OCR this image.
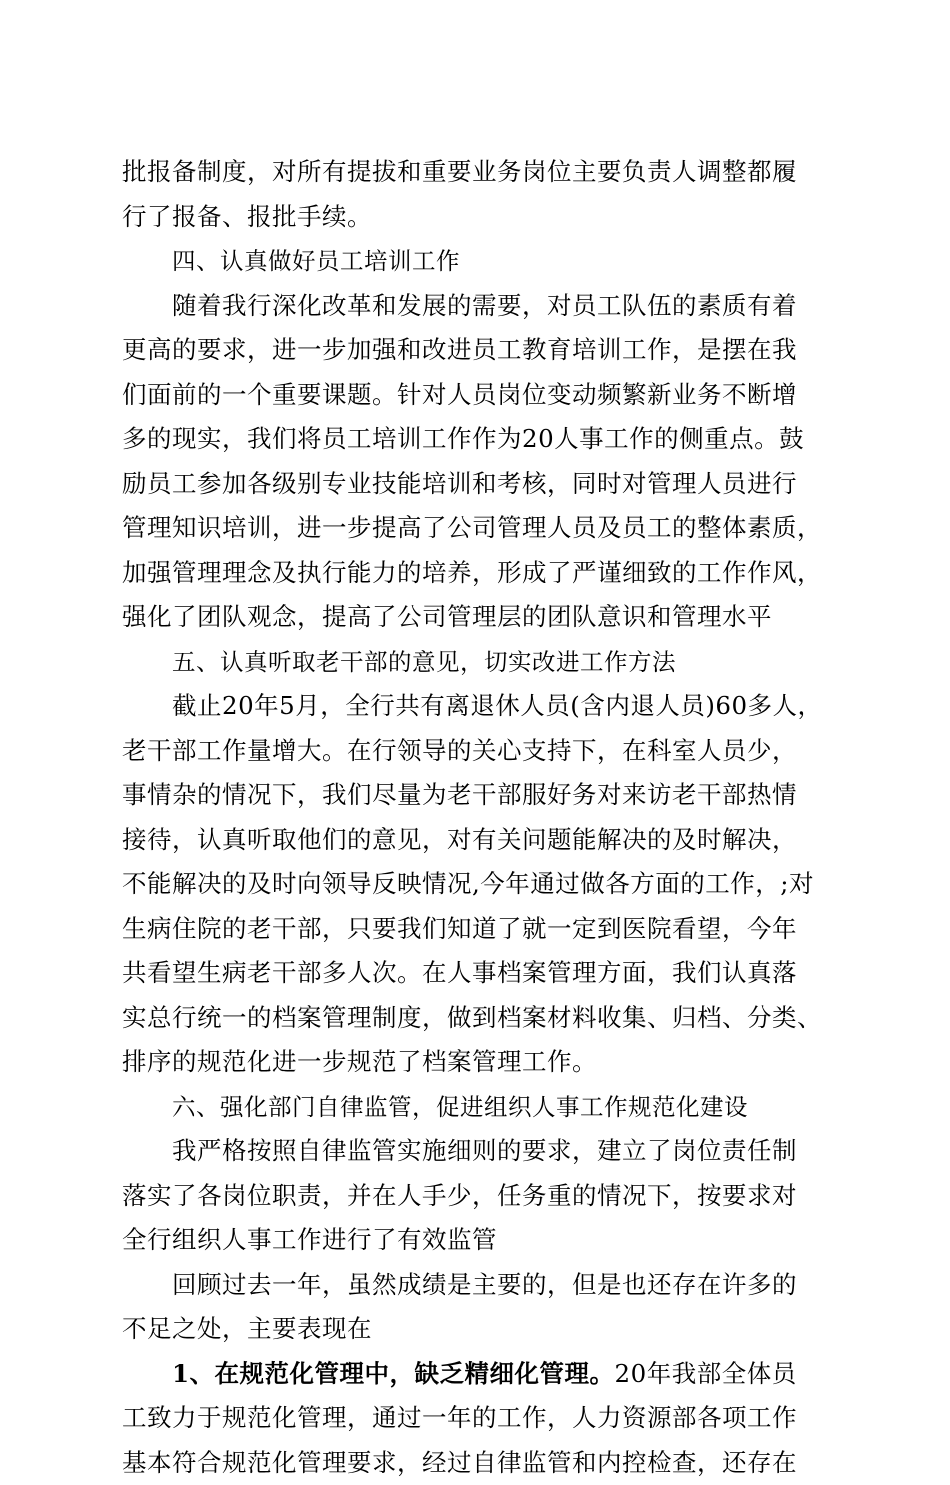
批报备制度，对所有提拔和重要业务岗位主要负责人调整都履
行了报备、报批手续。
四、认真做好员工培训工作
随着我行深化改革和发展的需要，对员工队伍的素质有着
更高的要求，进一步加强和改进员工教育培训工作，是摆在我
们面前的一个重要课题。针对人员岗位变动频繁新业务不断增
多的现实，我们将员工培训工作作为20人事工作的侧重点。鼓
励员工参加各级别专业技能培训和考核，同时对管理人员进行
管理知识培训，进一步提高了公司管理人员及员工的整体素质，
加强管理理念及执行能力的培养，形成了严谨细致的工作作风，
强化了团队观念，提高了公司管理层的团队意识和管理水平
五、认真听取老干部的意见，切实改进工作方法
截止20年5月，全行共有离退休人员(含内退人员)60多人，
老干部工作量增大。在行领导的关心支持下，在科室人员少，
事情杂的情况下，我们尽量为老干部服好务对来访老干部热情
接待，认真听取他们的意见，对有关问题能解决的及时解决，
不能解决的及时向领导反映情况,今年通过做各方面的工作，;对
生病住院的老干部，只要我们知道了就一定到医院看望，今年
共看望生病老干部多人次。在人事档案管理方面，我们认真落
实总行统一的档案管理制度，做到档案材料收集、归档、分类、
排序的规范化进一步规范了档案管理工作。
六、强化部门自律监管，促进组织人事工作规范化建设
我严格按照自律监管实施细则的要求，建立了岗位责任制
落实了各岗位职责，并在人手少，任务重的情况下，按要求对
全行组织人事工作进行了有效监管
回顾过去一年，虽然成绩是主要的，但是也还存在许多的
不足之处，主要表现在
1、在规范化管理中，缺乏精细化管理。20年我部全体员
工致力于规范化管理，通过一年的工作，人力资源部各项工作
基本符合规范化管理要求，经过自律监管和内控检查，还存在
